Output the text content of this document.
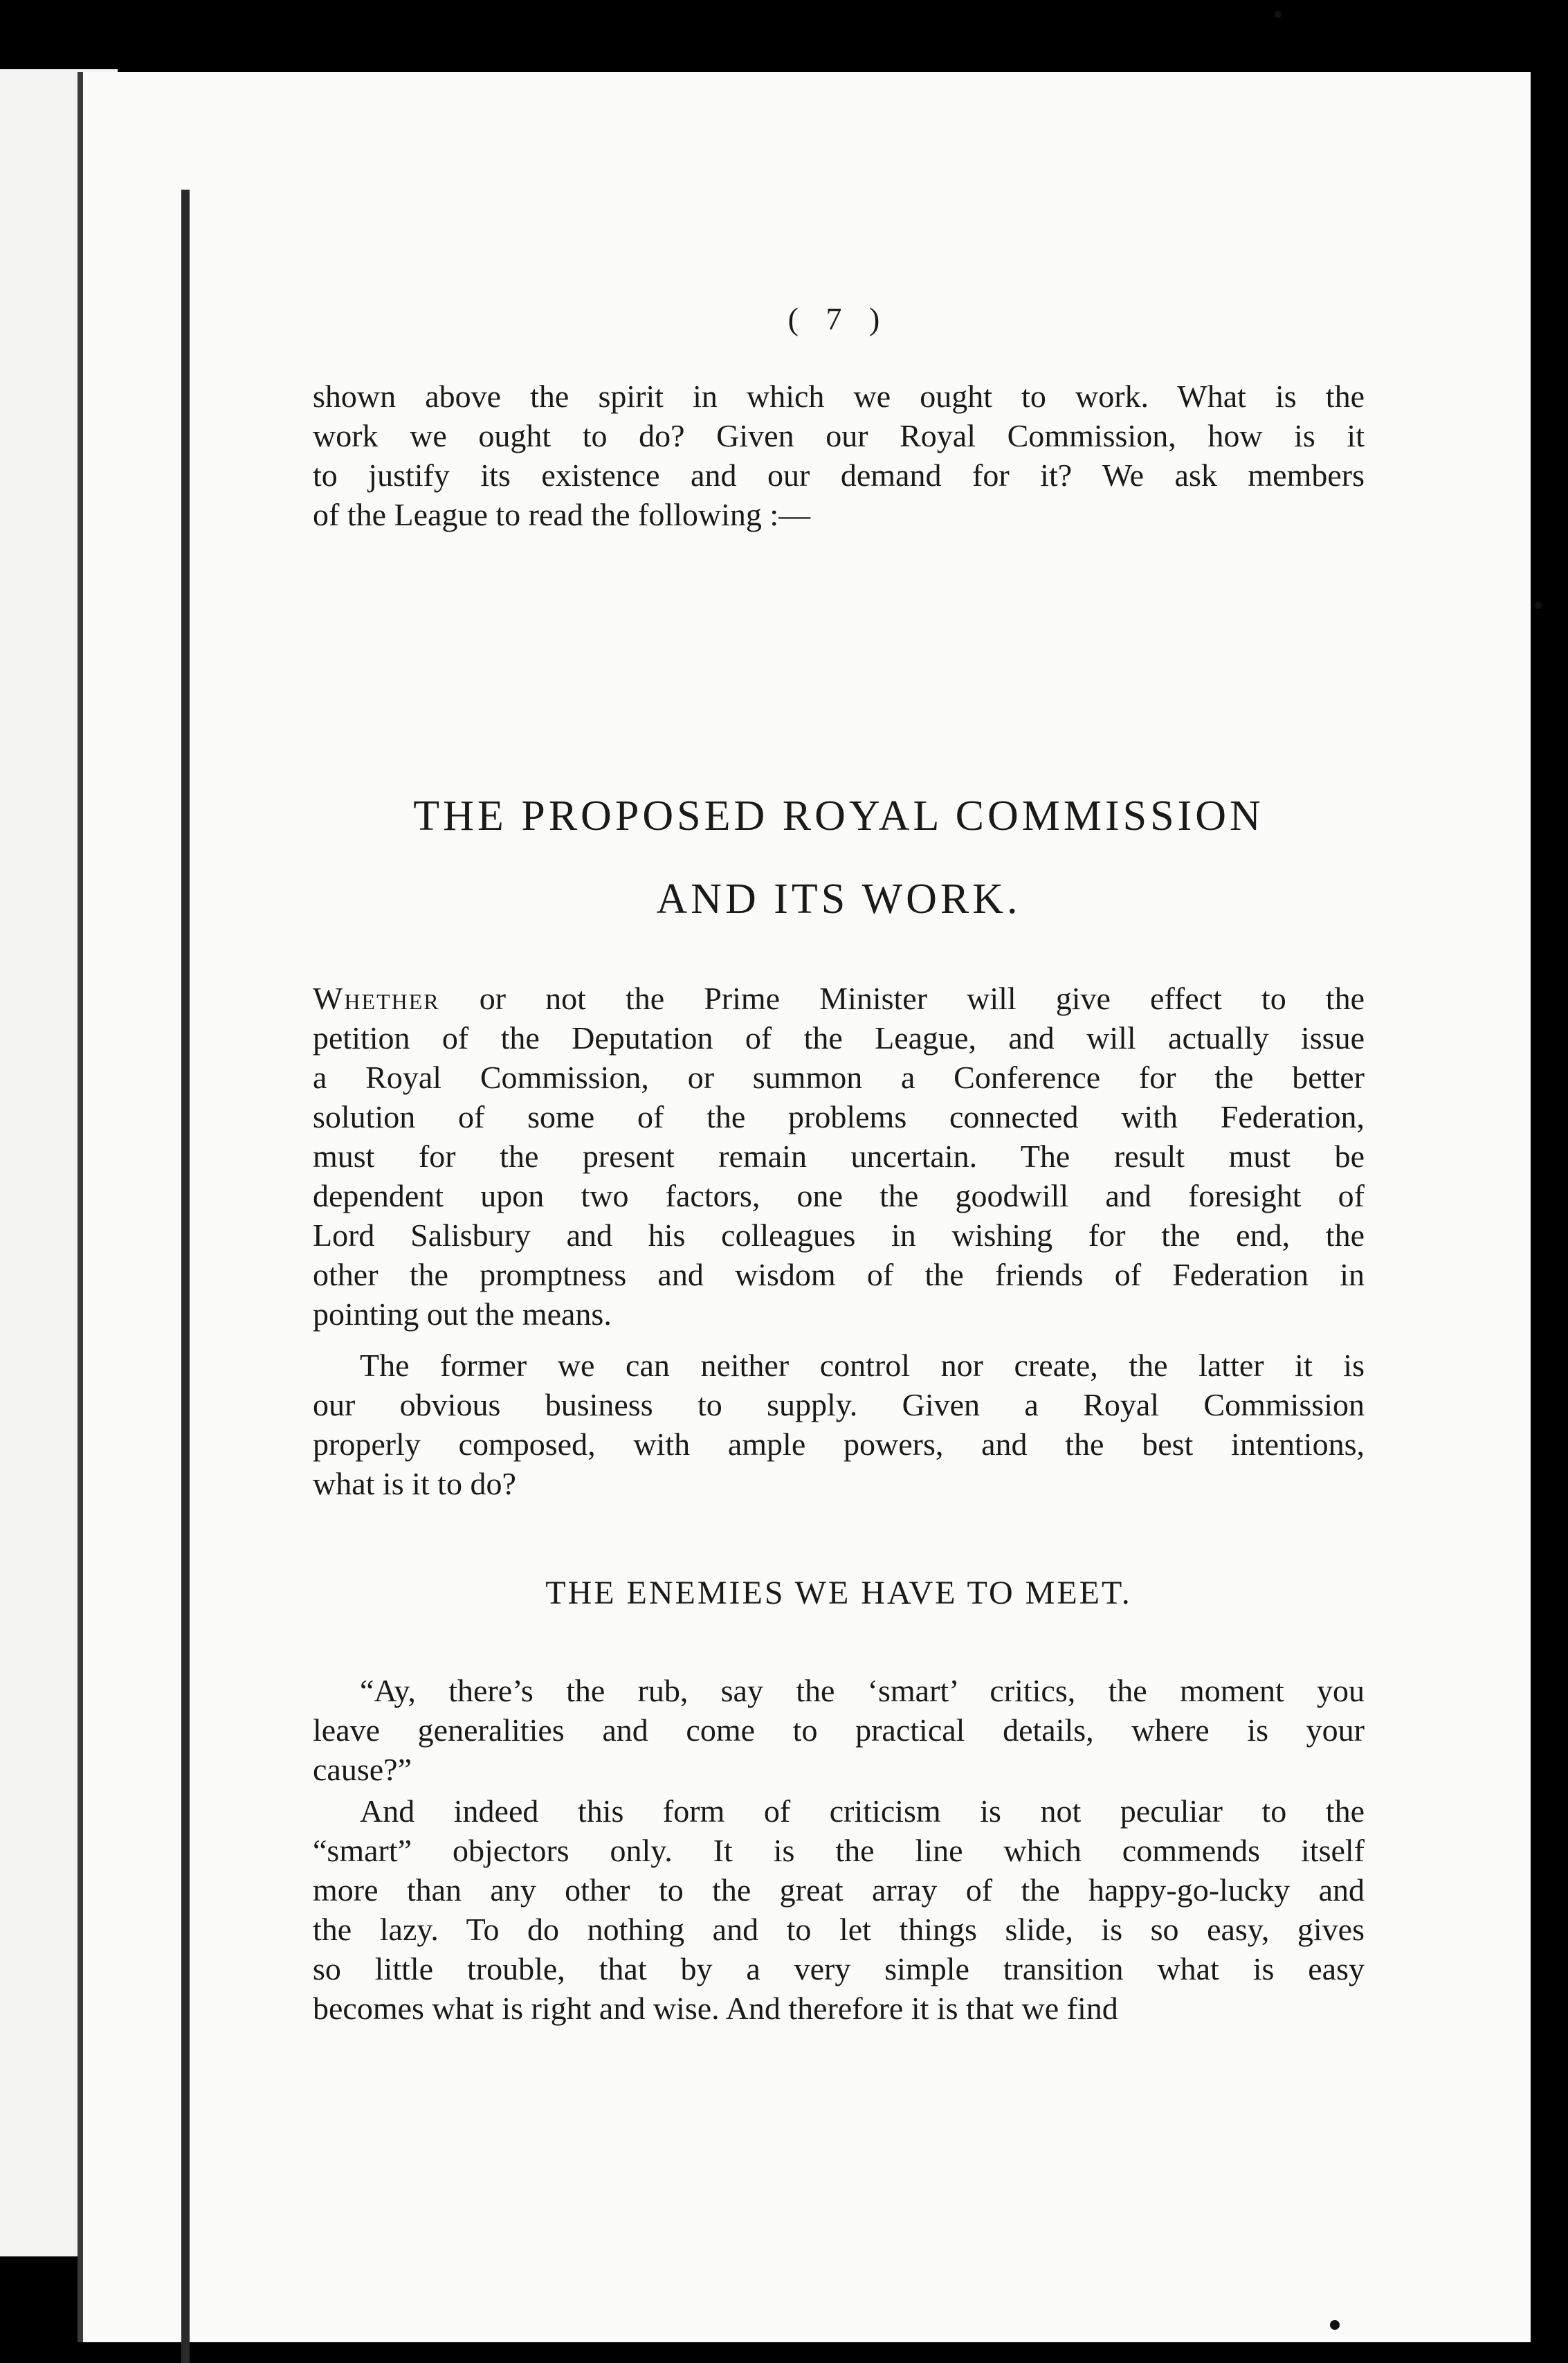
( 7 )

shown above the spirit in which we ought to work. What is the
work we ought to do? Given our Royal Commission, how is it
to justify its existence and our demand for it? We ask members
of the League to read the following :—

THE PROPOSED ROYAL COMMISSION
AND ITS WORK.

Whether or not the Prime Minister will give effect to the
petition of the Deputation of the League, and will actually issue
a Royal Commission, or summon a Conference for the better
solution of some of the problems connected with Federation,
must for the present remain uncertain. The result must be
dependent upon two factors, one the goodwill and foresight of
Lord Salisbury and his colleagues in wishing for the end, the
other the promptness and wisdom of the friends of Federation in
pointing out the means.

The former we can neither control nor create, the latter it is
our obvious business to supply. Given a Royal Commission
properly composed, with ample powers, and the best intentions,
what is it to do?

THE ENEMIES WE HAVE TO MEET.

“Ay, there’s the rub, say the ‘smart’ critics, the moment you
leave generalities and come to practical details, where is your
cause?”

And indeed this form of criticism is not peculiar to the
“smart” objectors only. It is the line which commends itself
more than any other to the great array of the happy-go-lucky and
the lazy. To do nothing and to let things slide, is so easy, gives
so little trouble, that by a very simple transition what is easy
becomes what is right and wise. And therefore it is that we find
